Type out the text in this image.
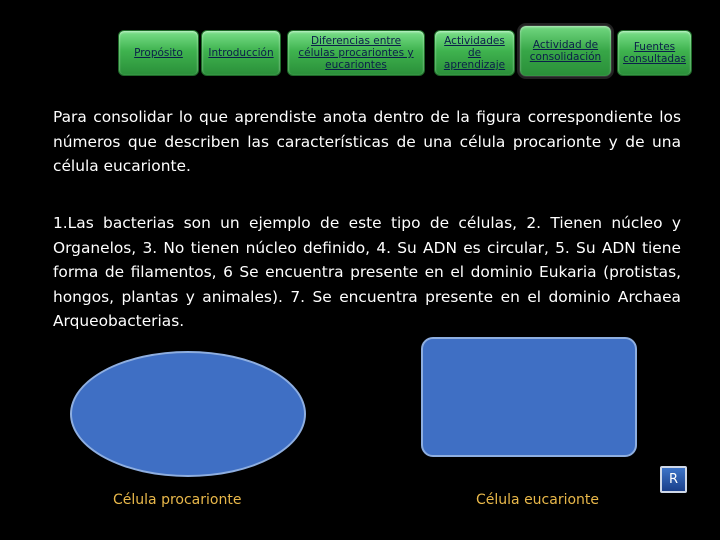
Propósito Introducción
Diferencias entre células procariontes y eucariontes
Actividades de aprendizaje
Actividad de consolidación
Fuentes consultadas

Para consolidar lo que aprendiste anota dentro de la figura correspondiente los números que describen las características de una célula procarionte y de una célula eucarionte.

1.Las bacterias son un ejemplo de este tipo de células, 2. Tienen núcleo y Organelos, 3. No tienen núcleo definido, 4. Su ADN es circular, 5. Su ADN tiene forma de filamentos, 6 Se encuentra presente en el dominio Eukaria (protistas, hongos, plantas y animales). 7. Se encuentra presente en el dominio Archaea Arqueobacterias.

Célula procarionte	Célula eucarionte
R
